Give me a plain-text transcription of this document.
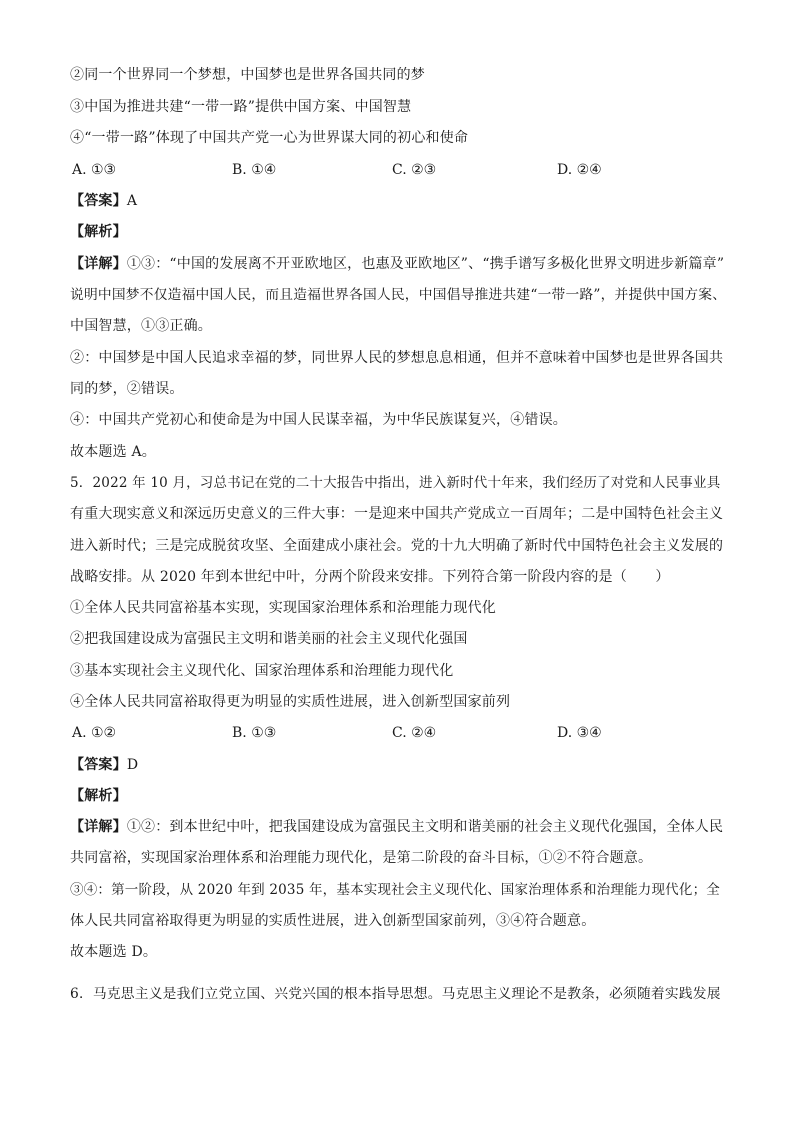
②同一个世界同一个梦想，中国梦也是世界各国共同的梦
③中国为推进共建“一带一路”提供中国方案、中国智慧
④“一带一路”体现了中国共产党一心为世界谋大同的初心和使命
A. ①③	B. ①④	C. ②③	D. ②④
【答案】A
【解析】
【详解】①③：“中国的发展离不开亚欧地区，也惠及亚欧地区”、“携手谱写多极化世界文明进步新篇章”
说明中国梦不仅造福中国人民，而且造福世界各国人民，中国倡导推进共建“一带一路”，并提供中国方案、
中国智慧，①③正确。
②：中国梦是中国人民追求幸福的梦，同世界人民的梦想息息相通，但并不意味着中国梦也是世界各国共
同的梦，②错误。
④：中国共产党初心和使命是为中国人民谋幸福，为中华民族谋复兴，④错误。
故本题选 A。
5．2022 年 10 月，习总书记在党的二十大报告中指出，进入新时代十年来，我们经历了对党和人民事业具
有重大现实意义和深远历史意义的三件大事：一是迎来中国共产党成立一百周年；二是中国特色社会主义
进入新时代；三是完成脱贫攻坚、全面建成小康社会。党的十九大明确了新时代中国特色社会主义发展的
战略安排。从 2020 年到本世纪中叶，分两个阶段来安排。下列符合第一阶段内容的是（　　）
①全体人民共同富裕基本实现，实现国家治理体系和治理能力现代化
②把我国建设成为富强民主文明和谐美丽的社会主义现代化强国
③基本实现社会主义现代化、国家治理体系和治理能力现代化
④全体人民共同富裕取得更为明显的实质性进展，进入创新型国家前列
A. ①②	B. ①③	C. ②④	D. ③④
【答案】D
【解析】
【详解】①②：到本世纪中叶，把我国建设成为富强民主文明和谐美丽的社会主义现代化强国，全体人民
共同富裕，实现国家治理体系和治理能力现代化，是第二阶段的奋斗目标，①②不符合题意。
③④：第一阶段，从 2020 年到 2035 年，基本实现社会主义现代化、国家治理体系和治理能力现代化；全
体人民共同富裕取得更为明显的实质性进展，进入创新型国家前列，③④符合题意。
故本题选 D。
6．马克思主义是我们立党立国、兴党兴国的根本指导思想。马克思主义理论不是教条，必须随着实践发展
